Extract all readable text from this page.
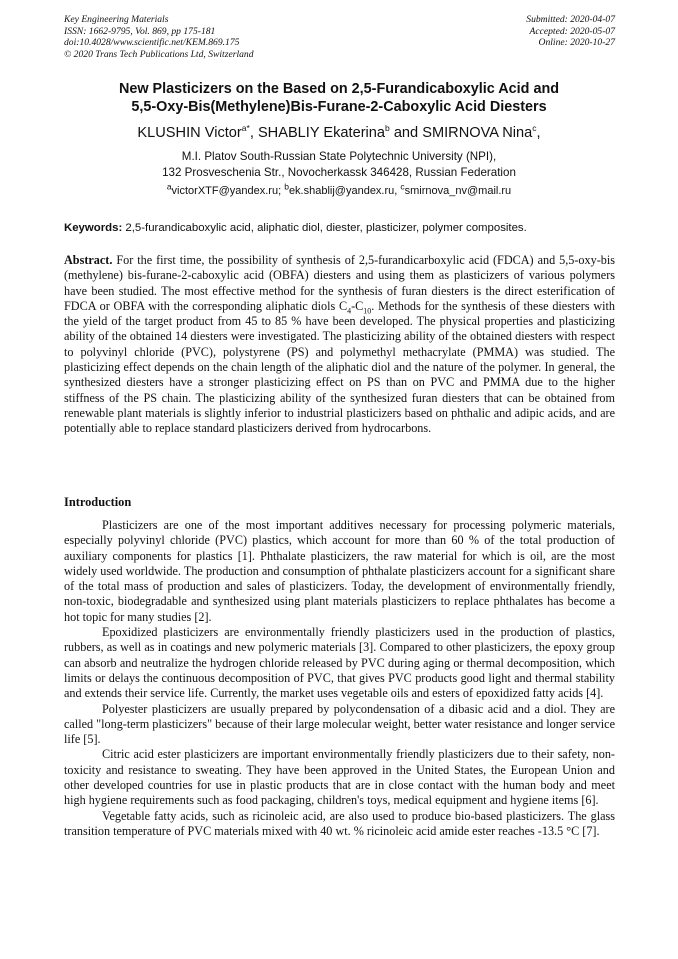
Key Engineering Materials
ISSN: 1662-9795, Vol. 869, pp 175-181
doi:10.4028/www.scientific.net/KEM.869.175
© 2020 Trans Tech Publications Ltd, Switzerland
Submitted: 2020-04-07
Accepted: 2020-05-07
Online: 2020-10-27
New Plasticizers on the Based on 2,5-Furandicaboxylic Acid and
5,5-Oxy-Bis(Methylene)Bis-Furane-2-Caboxylic Acid Diesters
KLUSHIN Victor$^{a*}$, SHABLIY Ekaterina$^b$ and SMIRNOVA Nina$^c$,
M.I. Platov South-Russian State Polytechnic University (NPI),
132 Prosveschenia Str., Novocherkassk 346428, Russian Federation
$^a$victorXTF@yandex.ru; $^b$ek.shablij@yandex.ru, $^c$smirnova_nv@mail.ru
Keywords: 2,5-furandicaboxylic acid, aliphatic diol, diester, plasticizer, polymer composites.
Abstract. For the first time, the possibility of synthesis of 2,5-furandicarboxylic acid (FDCA) and 5,5-oxy-bis (methylene) bis-furane-2-caboxylic acid (OBFA) diesters and using them as plasticizers of various polymers have been studied. The most effective method for the synthesis of furan diesters is the direct esterification of FDCA or OBFA with the corresponding aliphatic diols $C_4-C_{10}$. Methods for the synthesis of these diesters with the yield of the target product from 45 to 85 % have been developed. The physical properties and plasticizing ability of the obtained 14 diesters were investigated. The plasticizing ability of the obtained diesters with respect to polyvinyl chloride (PVC), polystyrene (PS) and polymethyl methacrylate (PMMA) was studied. The plasticizing effect depends on the chain length of the aliphatic diol and the nature of the polymer. In general, the synthesized diesters have a stronger plasticizing effect on PS than on PVC and PMMA due to the higher stiffness of the PS chain. The plasticizing ability of the synthesized furan diesters that can be obtained from renewable plant materials is slightly inferior to industrial plasticizers based on phthalic and adipic acids, and are potentially able to replace standard plasticizers derived from hydrocarbons.
Introduction

Plasticizers are one of the most important additives necessary for processing polymeric materials, especially polyvinyl chloride (PVC) plastics, which account for more than 60 % of the total production of auxiliary components for plastics [1]. Phthalate plasticizers, the raw material for which is oil, are the most widely used worldwide. The production and consumption of phthalate plasticizers account for a significant share of the total mass of production and sales of plasticizers. Today, the development of environmentally friendly, non-toxic, biodegradable and synthesized using plant materials plasticizers to replace phthalates has become a hot topic for many studies [2].

Epoxidized plasticizers are environmentally friendly plasticizers used in the production of plastics, rubbers, as well as in coatings and new polymeric materials [3]. Compared to other plasticizers, the epoxy group can absorb and neutralize the hydrogen chloride released by PVC during aging or thermal decomposition, which limits or delays the continuous decomposition of PVC, that gives PVC products good light and thermal stability and extends their service life. Currently, the market uses vegetable oils and esters of epoxidized fatty acids [4].

Polyester plasticizers are usually prepared by polycondensation of a dibasic acid and a diol. They are called "long-term plasticizers" because of their large molecular weight, better water resistance and longer service life [5].

Citric acid ester plasticizers are important environmentally friendly plasticizers due to their safety, non-toxicity and resistance to sweating. They have been approved in the United States, the European Union and other developed countries for use in plastic products that are in close contact with the human body and meet high hygiene requirements such as food packaging, children's toys, medical equipment and hygiene items [6].

Vegetable fatty acids, such as ricinoleic acid, are also used to produce bio-based plasticizers. The glass transition temperature of PVC materials mixed with 40 wt. % ricinoleic acid amide ester reaches -13.5 °C [7].
